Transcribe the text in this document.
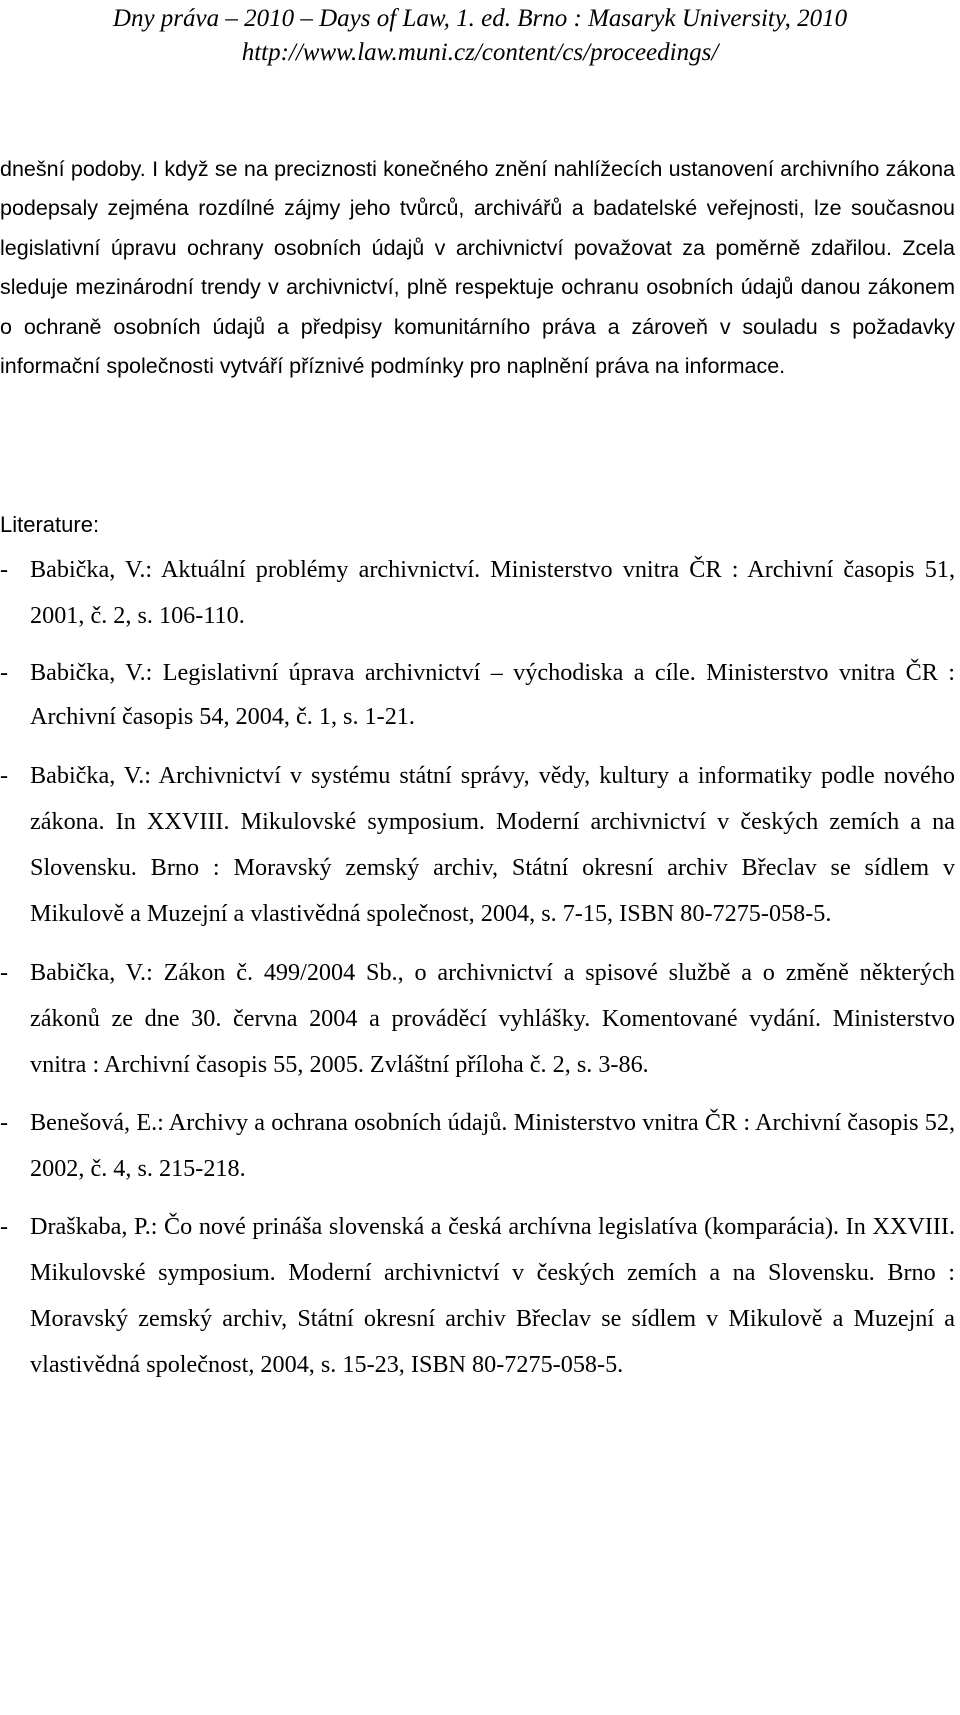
Dny práva – 2010 – Days of Law, 1. ed. Brno : Masaryk University, 2010
http://www.law.muni.cz/content/cs/proceedings/

dnešní podoby. I když se na preciznosti konečného znění nahlížecích ustanovení archivního zákona podepsaly zejména rozdílné zájmy jeho tvůrců, archivářů a badatelské veřejnosti, lze současnou legislativní úpravu ochrany osobních údajů v archivnictví považovat za poměrně zdařilou. Zcela sleduje mezinárodní trendy v archivnictví, plně respektuje ochranu osobních údajů danou zákonem o ochraně osobních údajů a předpisy komunitárního práva a zároveň v souladu s požadavky informační společnosti vytváří příznivé podmínky pro naplnění práva na informace.

Literature:
- Babička, V.: Aktuální problémy archivnictví. Ministerstvo vnitra ČR : Archivní časopis 51, 2001, č. 2, s. 106-110.
- Babička, V.: Legislativní úprava archivnictví – východiska a cíle. Ministerstvo vnitra ČR : Archivní časopis 54, 2004, č. 1, s. 1-21.
- Babička, V.: Archivnictví v systému státní správy, vědy, kultury a informatiky podle nového zákona. In XXVIII. Mikulovské symposium. Moderní archivnictví v českých zemích a na Slovensku. Brno : Moravský zemský archiv, Státní okresní archiv Břeclav se sídlem v Mikulově a Muzejní a vlastivědná společnost, 2004, s. 7-15, ISBN 80-7275-058-5.
- Babička, V.: Zákon č. 499/2004 Sb., o archivnictví a spisové službě a o změně některých zákonů ze dne 30. června 2004 a prováděcí vyhlášky. Komentované vydání. Ministerstvo vnitra : Archivní časopis 55, 2005. Zvláštní příloha č. 2, s. 3-86.
- Benešová, E.: Archivy a ochrana osobních údajů. Ministerstvo vnitra ČR : Archivní časopis 52, 2002, č. 4, s. 215-218.
- Draškaba, P.: Čo nové prináša slovenská a česká archívna legislatíva (komparácia). In XXVIII. Mikulovské symposium. Moderní archivnictví v českých zemích a na Slovensku. Brno : Moravský zemský archiv, Státní okresní archiv Břeclav se sídlem v Mikulově a Muzejní a vlastivědná společnost, 2004, s. 15-23, ISBN 80-7275-058-5.
